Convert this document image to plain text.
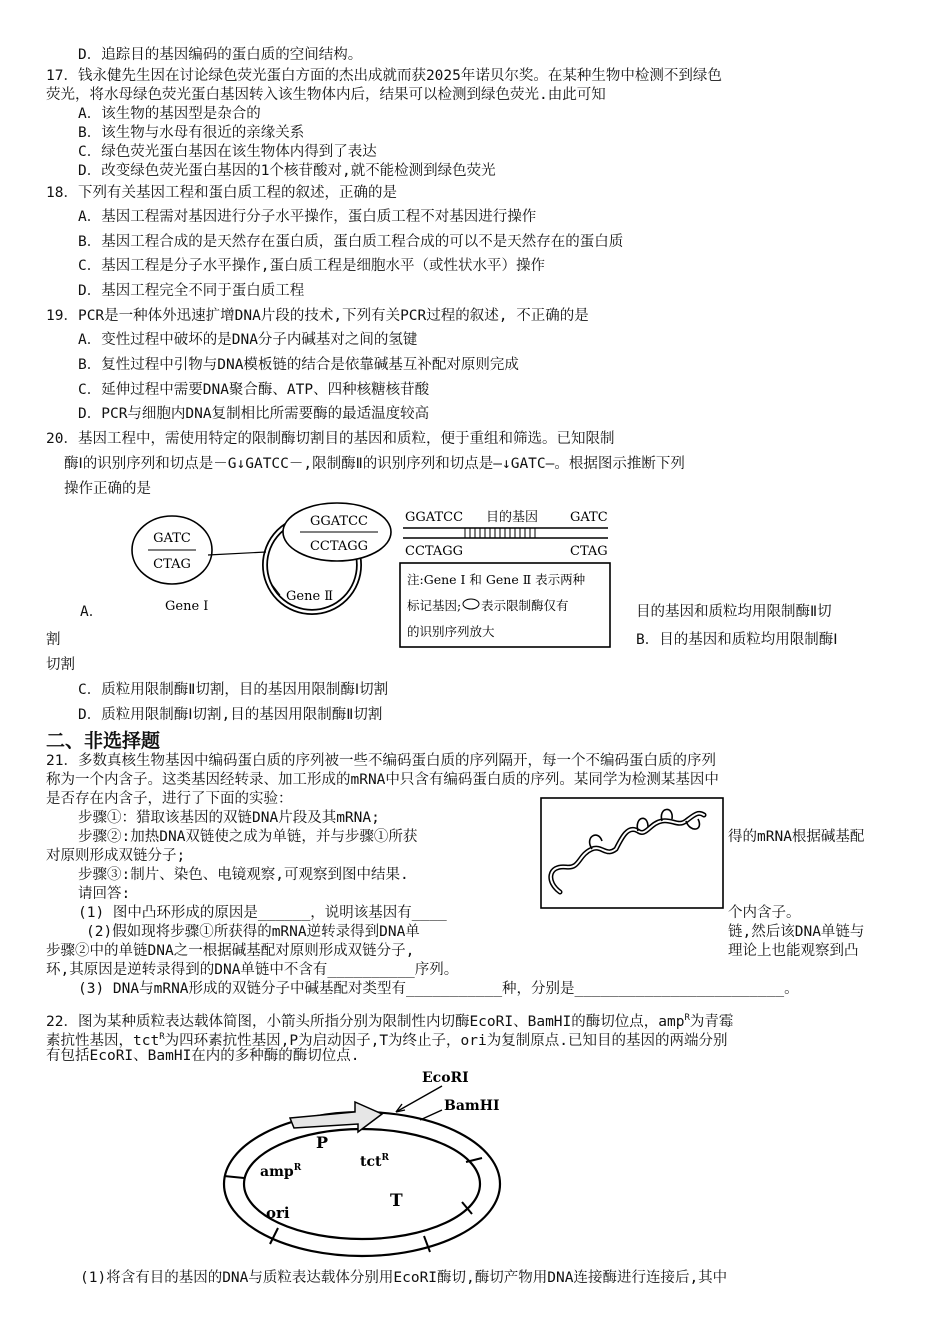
D．追踪目的基因编码的蛋白质的空间结构。
17．钱永健先生因在讨论绿色荧光蛋白方面的杰出成就而获2025年诺贝尔奖。在某种生物中检测不到绿色
荧光，将水母绿色荧光蛋白基因转入该生物体内后，结果可以检测到绿色荧光.由此可知
A．该生物的基因型是杂合的
B．该生物与水母有很近的亲缘关系
C．绿色荧光蛋白基因在该生物体内得到了表达
D．改变绿色荧光蛋白基因的1个核苷酸对,就不能检测到绿色荧光
18．下列有关基因工程和蛋白质工程的叙述，正确的是
A．基因工程需对基因进行分子水平操作，蛋白质工程不对基因进行操作
B．基因工程合成的是天然存在蛋白质，蛋白质工程合成的可以不是天然存在的蛋白质
C．基因工程是分子水平操作,蛋白质工程是细胞水平（或性状水平）操作
D．基因工程完全不同于蛋白质工程
19．PCR是一种体外迅速扩增DNA片段的技术,下列有关PCR过程的叙述, 不正确的是
A．变性过程中破坏的是DNA分子内碱基对之间的氢键
B．复性过程中引物与DNA模板链的结合是依靠碱基互补配对原则完成
C．延伸过程中需要DNA聚合酶、ATP、四种核糖核苷酸
D．PCR与细胞内DNA复制相比所需要酶的最适温度较高
20．基因工程中，需使用特定的限制酶切割目的基因和质粒，便于重组和筛选。已知限制
酶Ⅰ的识别序列和切点是－G↓GATCC－,限制酶Ⅱ的识别序列和切点是—↓GATC—。根据图示推断下列
操作正确的是
GATC
CTAG
GGATCC
CCTAGG
Gene Ⅰ
Gene Ⅱ
GGATCC 目的基因 GATC
CCTAGG	CTAG
注:Gene Ⅰ 和 Gene Ⅱ 表示两种
标记基因; 表示限制酶仅有
的识别序列放大
A．	目的基因和质粒均用限制酶Ⅱ切
割	B．目的基因和质粒均用限制酶Ⅰ
切割
C．质粒用限制酶Ⅱ切割，目的基因用限制酶Ⅰ切割
D．质粒用限制酶Ⅰ切割,目的基因用限制酶Ⅱ切割
二、非选择题
21．多数真核生物基因中编码蛋白质的序列被一些不编码蛋白质的序列隔开，每一个不编码蛋白质的序列
称为一个内含子。这类基因经转录、加工形成的mRNA中只含有编码蛋白质的序列。某同学为检测某基因中
是否存在内含子，进行了下面的实验：
步骤①：猎取该基因的双链DNA片段及其mRNA;
步骤②:加热DNA双链使之成为单链，并与步骤①所获	得的mRNA根据碱基配
对原则形成双链分子;
步骤③:制片、染色、电镜观察,可观察到图中结果.
请回答:
(1) 图中凸环形成的原因是______，说明该基因有____	个内含子。
(2)假如现将步骤①所获得的mRNA逆转录得到DNA单	链,然后该DNA单链与
步骤②中的单链DNA之一根据碱基配对原则形成双链分子,	理论上也能观察到凸
环,其原因是逆转录得到的DNA单链中不含有__________序列。
(3) DNA与mRNA形成的双链分子中碱基配对类型有___________种，分别是________________________。
22．图为某种质粒表达载体简图，小箭头所指分别为限制性内切酶EcoRI、BamHI的酶切位点，amp$^R$为青霉
素抗性基因，tct$^R$为四环素抗性基因,P为启动因子,T为终止子，ori为复制原点.已知目的基因的两端分别
有包括EcoRI、BamHI在内的多种酶的酶切位点.
EcoRI
BamHI
P
amp$^R$	tct$^R$
T
ori
(1)将含有目的基因的DNA与质粒表达载体分别用EcoRI酶切,酶切产物用DNA连接酶进行连接后,其中
